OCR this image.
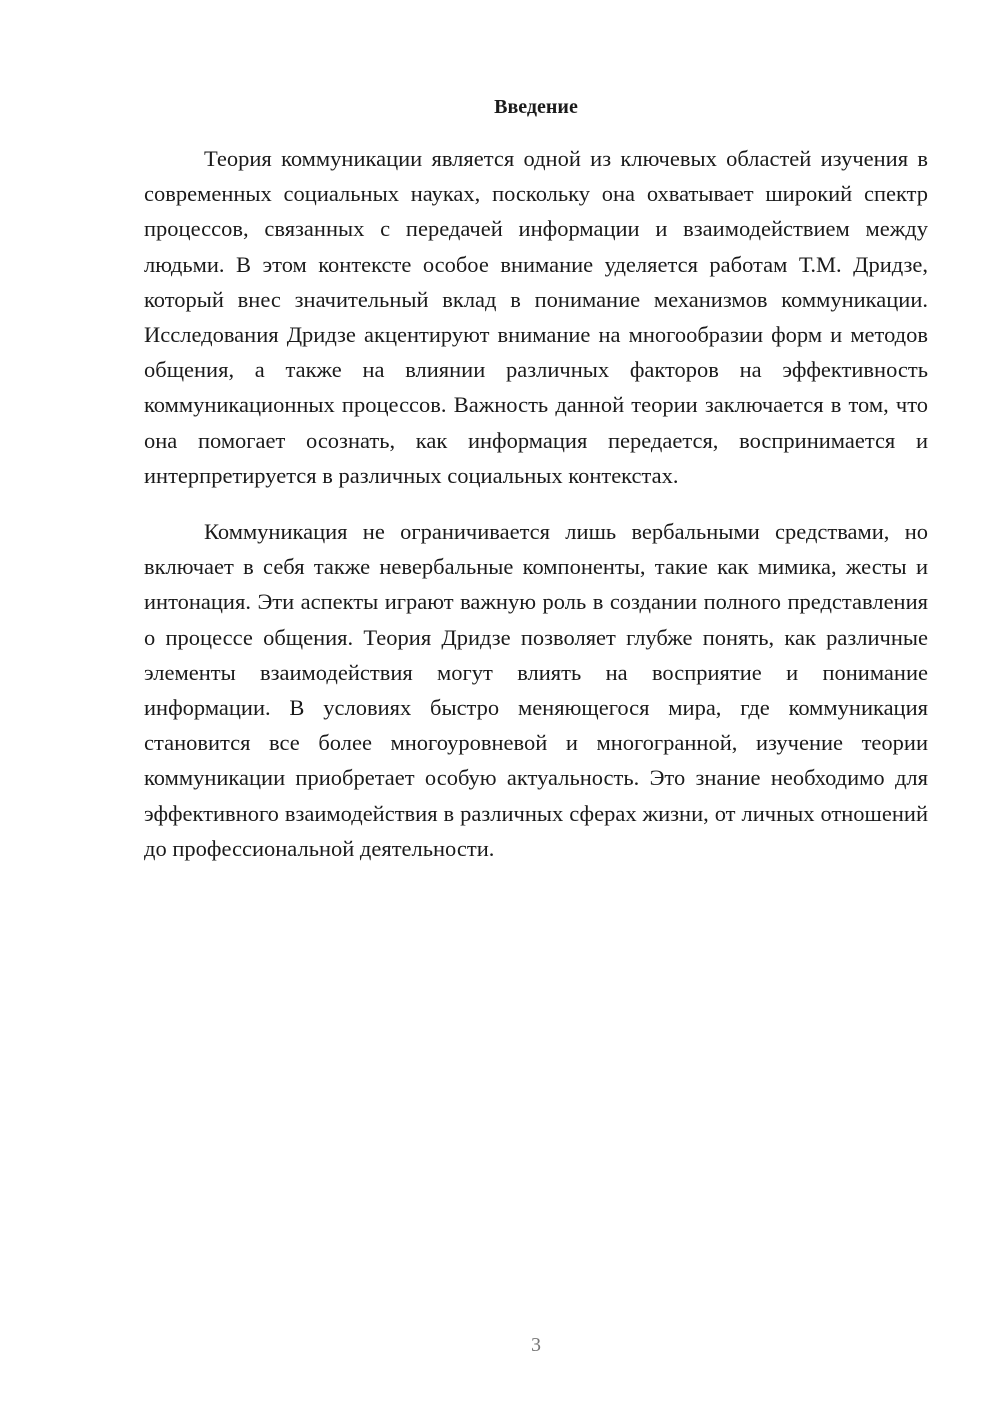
Введение

Теория коммуникации является одной из ключевых областей изучения в современных социальных науках, поскольку она охватывает широкий спектр процессов, связанных с передачей информации и взаимодействием между людьми. В этом контексте особое внимание уделяется работам Т.М. Дридзе, который внес значительный вклад в понимание механизмов коммуникации. Исследования Дридзе акцентируют внимание на многообразии форм и методов общения, а также на влиянии различных факторов на эффективность коммуникационных процессов. Важность данной теории заключается в том, что она помогает осознать, как информация передается, воспринимается и интерпретируется в различных социальных контекстах.

Коммуникация не ограничивается лишь вербальными средствами, но включает в себя также невербальные компоненты, такие как мимика, жесты и интонация. Эти аспекты играют важную роль в создании полного представления о процессе общения. Теория Дридзе позволяет глубже понять, как различные элементы взаимодействия могут влиять на восприятие и понимание информации. В условиях быстро меняющегося мира, где коммуникация становится все более многоуровневой и многогранной, изучение теории коммуникации приобретает особую актуальность. Это знание необходимо для эффективного взаимодействия в различных сферах жизни, от личных отношений до профессиональной деятельности.

3
